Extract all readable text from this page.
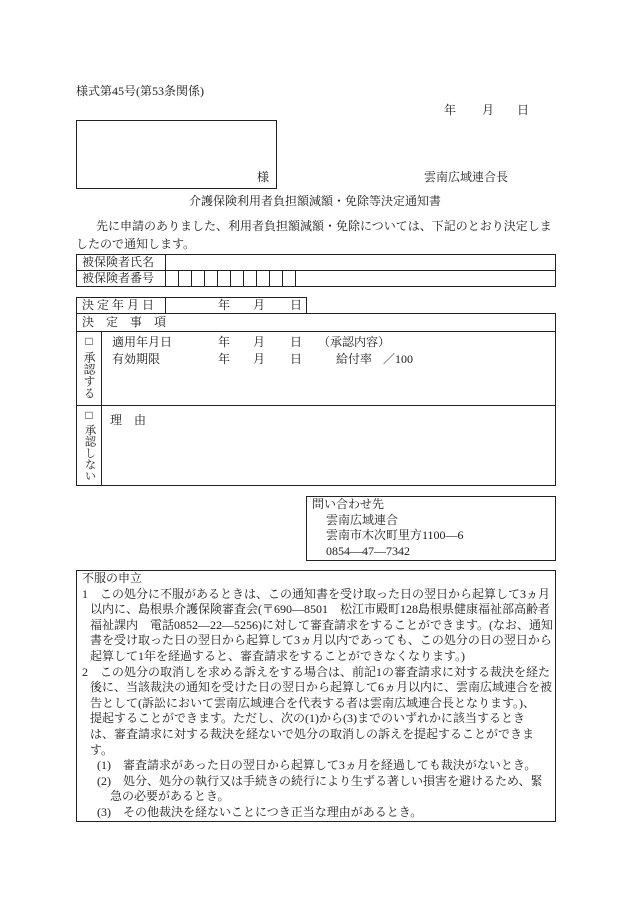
様式第45号(第53条関係)
年 月 日
様	雲南広域連合長
介護保険利用者負担額減額・免除等決定通知書
先に申請のありました、利用者負担額減額・免除については、下記のとおり決定しま
したので通知します。
被保険者氏名
被保険者番号
決 定 年 月 日	年 月 日
決　定　事　項
□
承認する
適用年月日	年 月 日 （承認内容）
有効期限	年 月 日	給付率 ／100
□
承認しない
理　由
問い合わせ先
雲南広域連合
雲南市木次町里方1100―6
0854―47―7342
不服の申立
1　この処分に不服があるときは、この通知書を受け取った日の翌日から起算して3ヵ月
以内に、島根県介護保険審査会(〒690―8501　松江市殿町128島根県健康福祉部高齢者
福祉課内　電話0852―22―5256)に対して審査請求をすることができます。(なお、通知
書を受け取った日の翌日から起算して3ヵ月以内であっても、この処分の日の翌日から
起算して1年を経過すると、審査請求をすることができなくなります。)
2　この処分の取消しを求める訴えをする場合は、前記1の審査請求に対する裁決を経た
後に、当該裁決の通知を受けた日の翌日から起算して6ヵ月以内に、雲南広域連合を被
告として(訴訟において雲南広域連合を代表する者は雲南広域連合長となります。)、
提起することができます。ただし、次の(1)から(3)までのいずれかに該当するとき
は、審査請求に対する裁決を経ないで処分の取消しの訴えを提起することができま
す。
(1)　審査請求があった日の翌日から起算して3ヵ月を経過しても裁決がないとき。
(2)　処分、処分の執行又は手続きの続行により生ずる著しい損害を避けるため、緊
急の必要があるとき。
(3)　その他裁決を経ないことにつき正当な理由があるとき。
